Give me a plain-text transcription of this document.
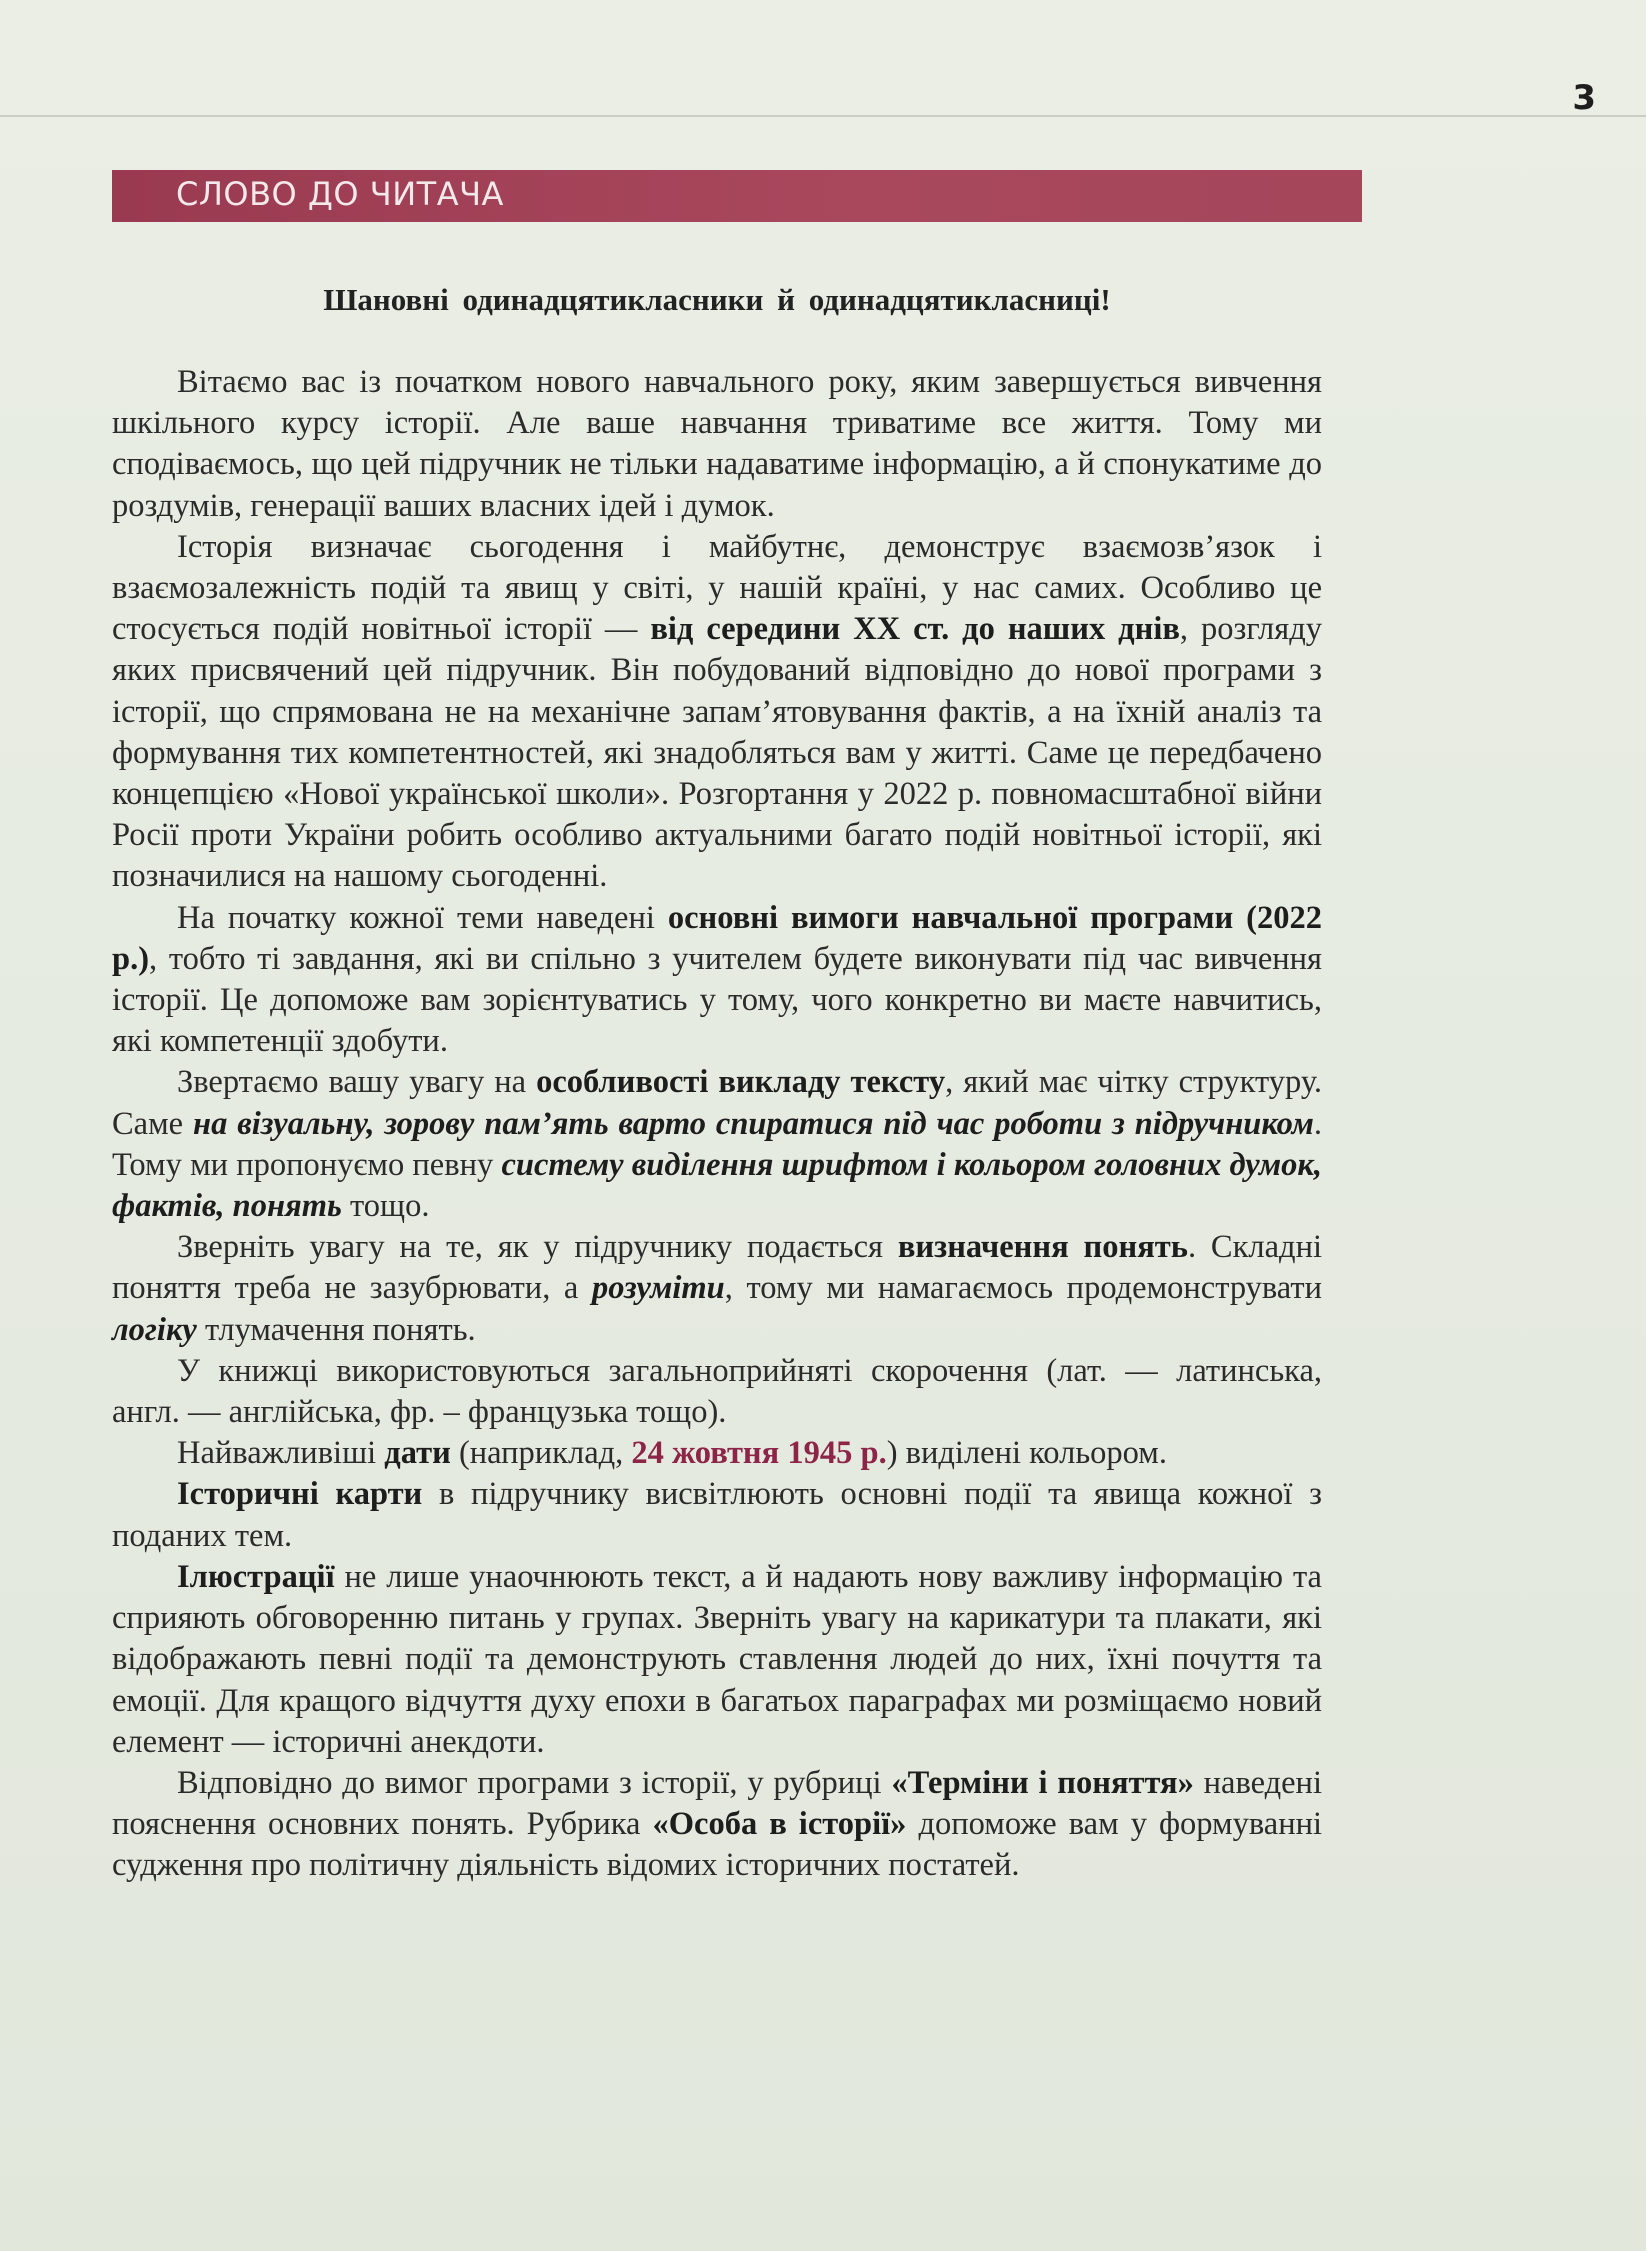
3
СЛОВО ДО ЧИТАЧА
Шановні одинадцятикласники й одинадцятикласниці!

Вітаємо вас із початком нового навчального року, яким завершується вивчення шкільного курсу історії. Але ваше навчання триватиме все життя. Тому ми сподіваємось, що цей підручник не тільки надаватиме інформацію, а й спонукатиме до роздумів, генерації ваших власних ідей і думок.

Історія визначає сьогодення і майбутнє, демонструє взаємозв’язок і взаємозалежність подій та явищ у світі, у нашій країні, у нас самих. Особливо це стосується подій новітньої історії — від середини ХХ ст. до наших днів, розгляду яких присвячений цей підручник. Він побудований відповідно до нової програми з історії, що спрямована не на механічне запам’ятовування фактів, а на їхній аналіз та формування тих компетентностей, які знадобляться вам у житті. Саме це передбачено концепцією «Нової української школи». Розгортання у 2022 р. повномасштабної війни Росії проти України робить особливо актуальними багато подій новітньої історії, які позначилися на нашому сьогоденні.

На початку кожної теми наведені основні вимоги навчальної програми (2022 р.), тобто ті завдання, які ви спільно з учителем будете виконувати під час вивчення історії. Це допоможе вам зорієнтуватись у тому, чого конкретно ви маєте навчитись, які компетенції здобути.

Звертаємо вашу увагу на особливості викладу тексту, який має чітку структуру. Саме на візуальну, зорову пам’ять варто спиратися під час роботи з підручником. Тому ми пропонуємо певну систему виділення шрифтом і кольором головних думок, фактів, понять тощо.

Зверніть увагу на те, як у підручнику подається визначення понять. Складні поняття треба не зазубрювати, а розуміти, тому ми намагаємось продемонструвати логіку тлумачення понять.

У книжці використовуються загальноприйняті скорочення (лат. — латинська, англ. — англійська, фр. – французька тощо).

Найважливіші дати (наприклад, 24 жовтня 1945 р.) виділені кольором.

Історичні карти в підручнику висвітлюють основні події та явища кожної з поданих тем.

Ілюстрації не лише унаочнюють текст, а й надають нову важливу інформацію та сприяють обговоренню питань у групах. Зверніть увагу на карикатури та плакати, які відображають певні події та демонструють ставлення людей до них, їхні почуття та емоції. Для кращого відчуття духу епохи в багатьох параграфах ми розміщаємо новий елемент — історичні анекдоти.

Відповідно до вимог програми з історії, у рубриці «Терміни і поняття» наведені пояснення основних понять. Рубрика «Особа в історії» допоможе вам у формуванні судження про політичну діяльність відомих історичних постатей.
